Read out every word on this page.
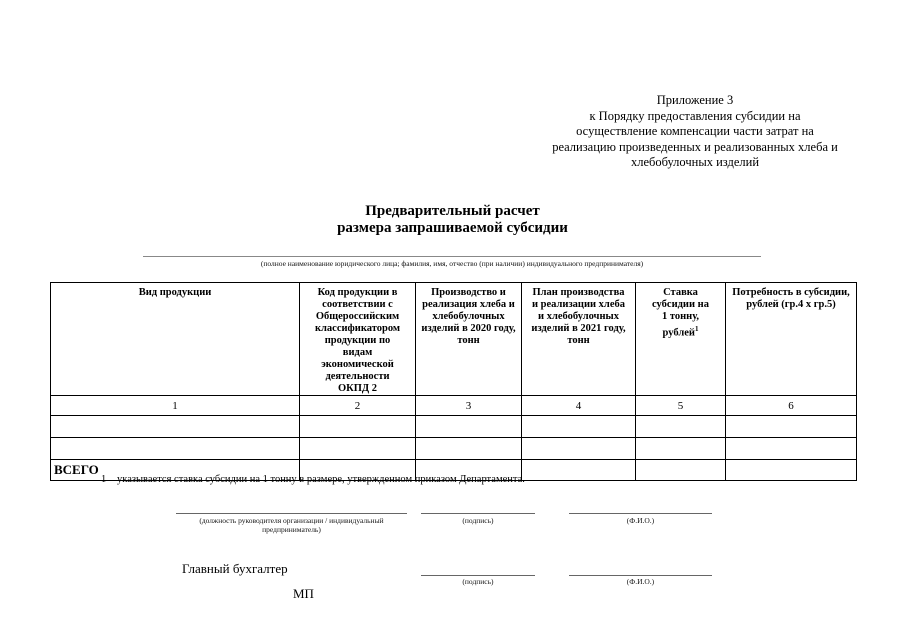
Приложение 3
к Порядку предоставления субсидии на
осуществление компенсации части затрат на
реализацию произведенных и реализованных хлеба и
хлебобулочных изделий
Предварительный расчет
размера запрашиваемой субсидии
(полное наименование юридического лица; фамилия, имя, отчество (при наличии) индивидуального предпринимателя)
Вид продукции	Код продукции в соответствии с Общероссийским классификатором продукции по видам экономической деятельности ОКПД 2	Производство и реализация хлеба и хлебобулочных изделий в 2020 году, тонн	План производства и реализации хлеба и хлебобулочных изделий в 2021 году, тонн	Ставка субсидии на 1 тонну, рублей$^1$	Потребность в субсидии, рублей (гр.4 х гр.5)

1	2	3	4	5	6

ВСЕГО					
1 указывается ставка субсидии на 1 тонну в размере, утвержденном приказом Департамента.
(должность руководителя организации / индивидуальный предприниматель)
(подпись)	(Ф.И.О.)
Главный бухгалтер
(подпись)	(Ф.И.О.)
МП
